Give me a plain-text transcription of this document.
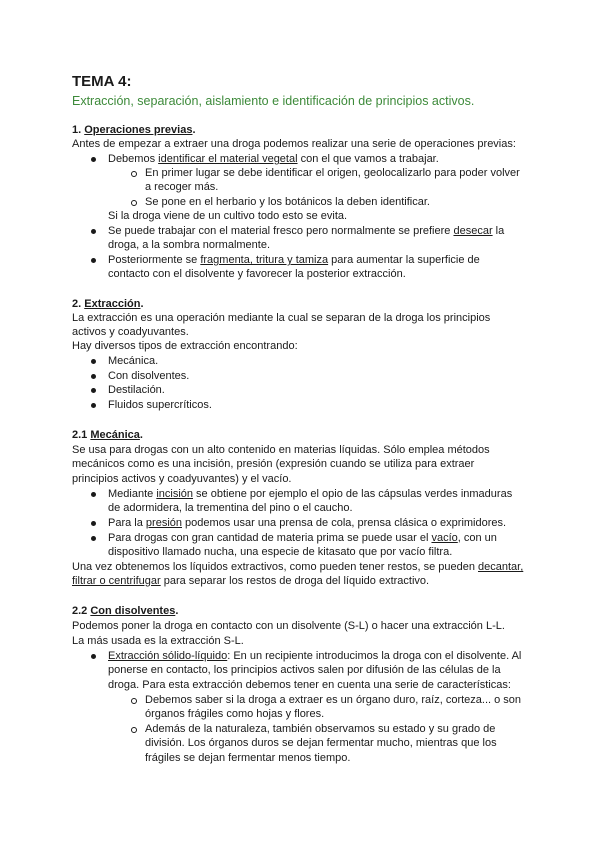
TEMA 4:
Extracción, separación, aislamiento e identificación de principios activos.
1. Operaciones previas.
Antes de empezar a extraer una droga podemos realizar una serie de operaciones previas:
Debemos identificar el material vegetal con el que vamos a trabajar.
En primer lugar se debe identificar el origen, geolocalizarlo para poder volver
a recoger más.
Se pone en el herbario y los botánicos la deben identificar.
Si la droga viene de un cultivo todo esto se evita.
Se puede trabajar con el material fresco pero normalmente se prefiere desecar la
droga, a la sombra normalmente.
Posteriormente se fragmenta, tritura y tamiza para aumentar la superficie de
contacto con el disolvente y favorecer la posterior extracción.
2. Extracción.
La extracción es una operación mediante la cual se separan de la droga los principios
activos y coadyuvantes.
Hay diversos tipos de extracción encontrando:
Mecánica.
Con disolventes.
Destilación.
Fluidos supercríticos.
2.1 Mecánica.
Se usa para drogas con un alto contenido en materias líquidas. Sólo emplea métodos
mecánicos como es una incisión, presión (expresión cuando se utiliza para extraer
principios activos y coadyuvantes) y el vacío.
Mediante incisión se obtiene por ejemplo el opio de las cápsulas verdes inmaduras
de adormidera, la trementina del pino o el caucho.
Para la presión podemos usar una prensa de cola, prensa clásica o exprimidores.
Para drogas con gran cantidad de materia prima se puede usar el vacío, con un
dispositivo llamado nucha, una especie de kitasato que por vacío filtra.
Una vez obtenemos los líquidos extractivos, como pueden tener restos, se pueden decantar,
filtrar o centrifugar para separar los restos de droga del líquido extractivo.
2.2 Con disolventes.
Podemos poner la droga en contacto con un disolvente (S-L) o hacer una extracción L-L.
La más usada es la extracción S-L.
Extracción sólido-líquido: En un recipiente introducimos la droga con el disolvente. Al
ponerse en contacto, los principios activos salen por difusión de las células de la
droga. Para esta extracción debemos tener en cuenta una serie de características:
Debemos saber si la droga a extraer es un órgano duro, raíz, corteza... o son
órganos frágiles como hojas y flores.
Además de la naturaleza, también observamos su estado y su grado de
división. Los órganos duros se dejan fermentar mucho, mientras que los
frágiles se dejan fermentar menos tiempo.
